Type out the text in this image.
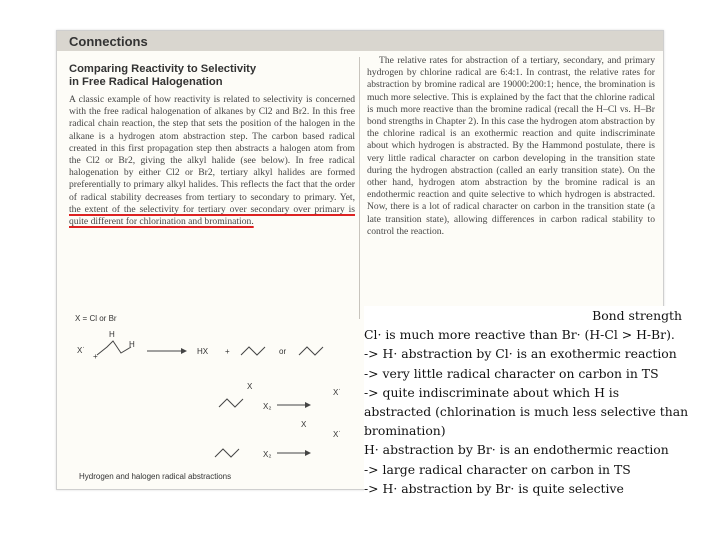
Connections
Comparing Reactivity to Selectivity
in Free Radical Halogenation

A classic example of how reactivity is related to selectivity is concerned with the free radical halogenation of alkanes by Cl2 and Br2. In this free radical chain reaction, the step that sets the position of the halogen in the alkane is a hydrogen atom abstraction step. The carbon based radical created in this first propagation step then abstracts a halogen atom from the Cl2 or Br2, giving the alkyl halide (see below). In free radical halogenation by either Cl2 or Br2, tertiary alkyl halides are formed preferentially to primary alkyl halides. This reflects the fact that the order of radical stability decreases from tertiary to secondary to primary. Yet, the extent of the selectivity for tertiary over secondary over primary is quite different for chlorination and bromination.

The relative rates for abstraction of a tertiary, secondary, and primary hydrogen by chlorine radical are 6:4:1. In contrast, the relative rates for abstraction by bromine radical are 19000:200:1; hence, the bromination is much more selective. This is explained by the fact that the chlorine radical is much more reactive than the bromine radical (recall the H–Cl vs. H–Br bond strengths in Chapter 2). In this case the hydrogen atom abstraction by the chlorine radical is an exothermic reaction and quite indiscriminate about which hydrogen is abstracted. By the Hammond postulate, there is very little radical character on carbon developing in the transition state during the hydrogen abstraction (called an early transition state). On the other hand, hydrogen atom abstraction by the bromine radical is an endothermic reaction and quite selective to which hydrogen is abstracted. Now, there is a lot of radical character on carbon in the transition state (a late transition state), allowing differences in carbon radical stability to control the reaction.

X = Cl or Br
X˙
H
H
+
HX +	or
X
X₂
X˙
X
X₂
X˙
Hydrogen and halogen radical abstractions
Bond strength
Cl· is much more reactive than Br· (H-Cl > H-Br).
-> H· abstraction by Cl· is an exothermic reaction
-> very little radical character on carbon in TS
-> quite indiscriminate about which H is
abstracted (chlorination is much less selective than
bromination)
H· abstraction by Br· is an endothermic reaction
-> large radical character on carbon in TS
-> H· abstraction by Br· is quite selective
